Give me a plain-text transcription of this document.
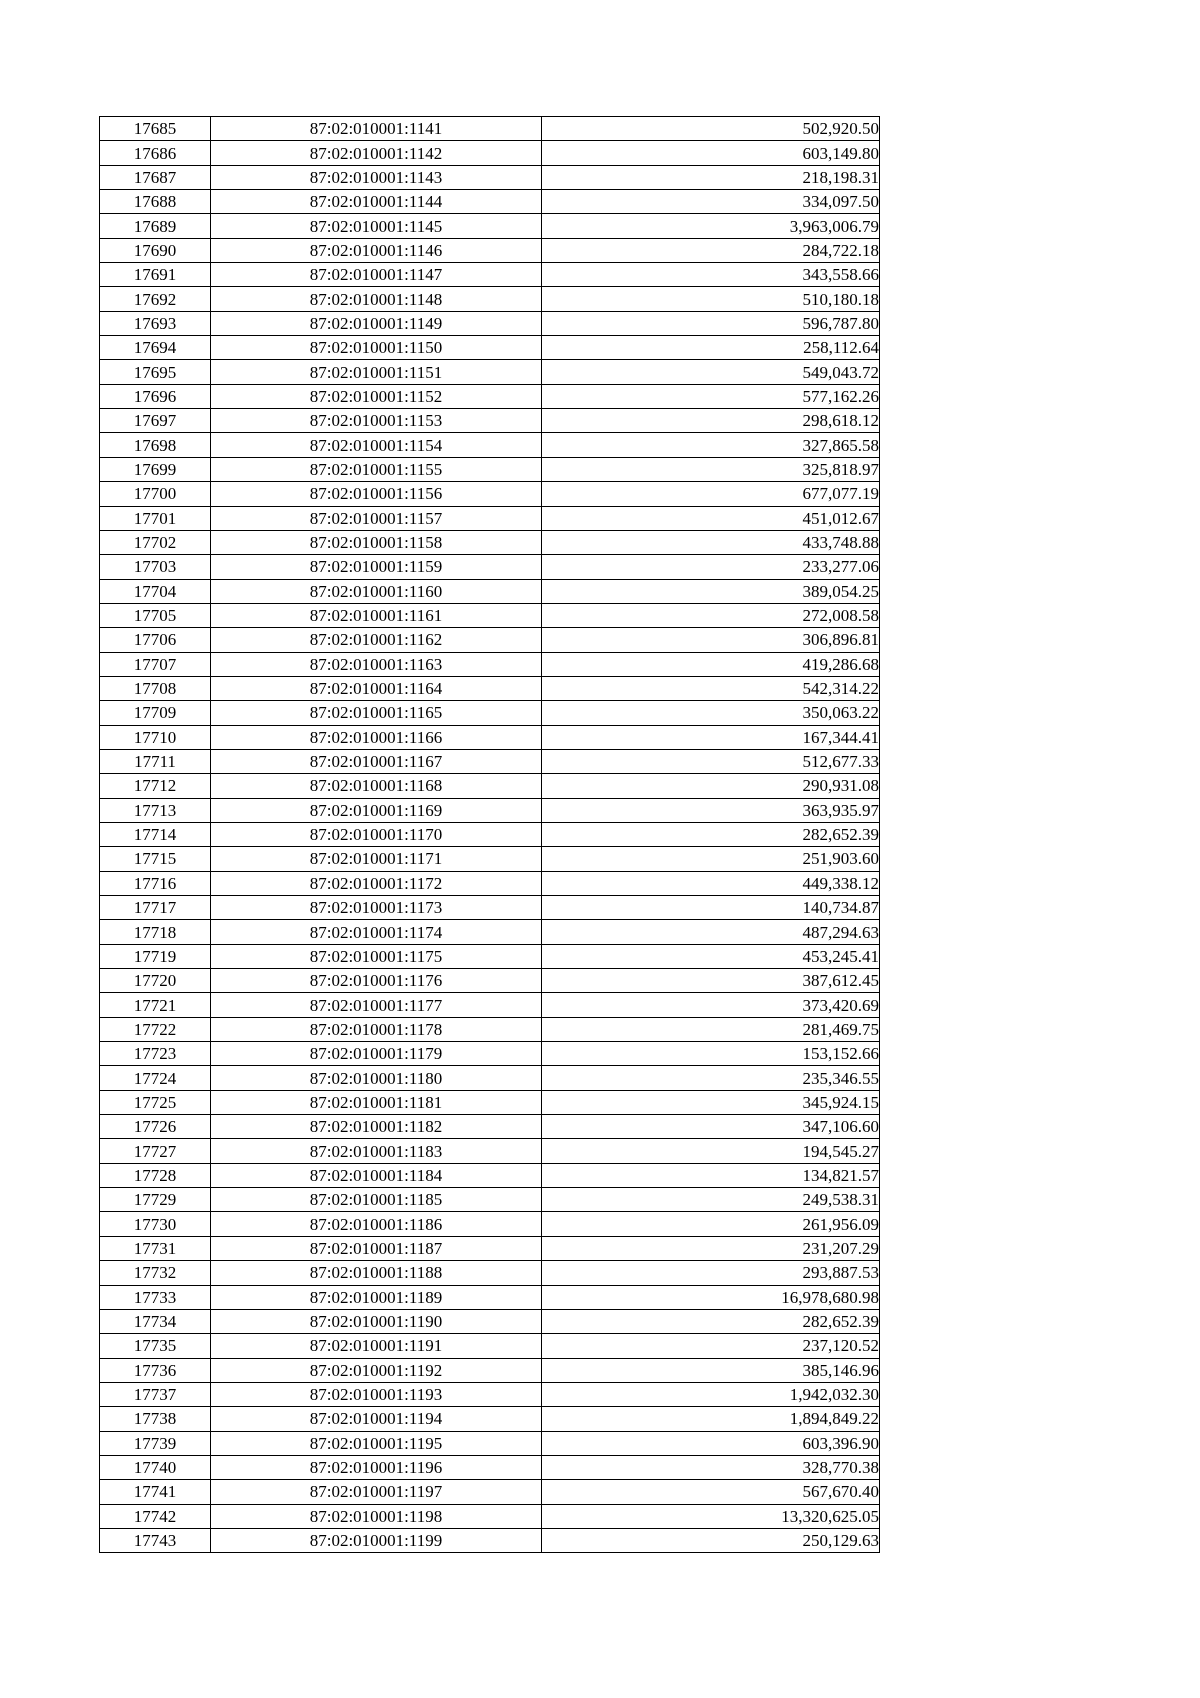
17685	87:02:010001:1141	502,920.50
17686	87:02:010001:1142	603,149.80
17687	87:02:010001:1143	218,198.31
17688	87:02:010001:1144	334,097.50
17689	87:02:010001:1145	3,963,006.79
17690	87:02:010001:1146	284,722.18
17691	87:02:010001:1147	343,558.66
17692	87:02:010001:1148	510,180.18
17693	87:02:010001:1149	596,787.80
17694	87:02:010001:1150	258,112.64
17695	87:02:010001:1151	549,043.72
17696	87:02:010001:1152	577,162.26
17697	87:02:010001:1153	298,618.12
17698	87:02:010001:1154	327,865.58
17699	87:02:010001:1155	325,818.97
17700	87:02:010001:1156	677,077.19
17701	87:02:010001:1157	451,012.67
17702	87:02:010001:1158	433,748.88
17703	87:02:010001:1159	233,277.06
17704	87:02:010001:1160	389,054.25
17705	87:02:010001:1161	272,008.58
17706	87:02:010001:1162	306,896.81
17707	87:02:010001:1163	419,286.68
17708	87:02:010001:1164	542,314.22
17709	87:02:010001:1165	350,063.22
17710	87:02:010001:1166	167,344.41
17711	87:02:010001:1167	512,677.33
17712	87:02:010001:1168	290,931.08
17713	87:02:010001:1169	363,935.97
17714	87:02:010001:1170	282,652.39
17715	87:02:010001:1171	251,903.60
17716	87:02:010001:1172	449,338.12
17717	87:02:010001:1173	140,734.87
17718	87:02:010001:1174	487,294.63
17719	87:02:010001:1175	453,245.41
17720	87:02:010001:1176	387,612.45
17721	87:02:010001:1177	373,420.69
17722	87:02:010001:1178	281,469.75
17723	87:02:010001:1179	153,152.66
17724	87:02:010001:1180	235,346.55
17725	87:02:010001:1181	345,924.15
17726	87:02:010001:1182	347,106.60
17727	87:02:010001:1183	194,545.27
17728	87:02:010001:1184	134,821.57
17729	87:02:010001:1185	249,538.31
17730	87:02:010001:1186	261,956.09
17731	87:02:010001:1187	231,207.29
17732	87:02:010001:1188	293,887.53
17733	87:02:010001:1189	16,978,680.98
17734	87:02:010001:1190	282,652.39
17735	87:02:010001:1191	237,120.52
17736	87:02:010001:1192	385,146.96
17737	87:02:010001:1193	1,942,032.30
17738	87:02:010001:1194	1,894,849.22
17739	87:02:010001:1195	603,396.90
17740	87:02:010001:1196	328,770.38
17741	87:02:010001:1197	567,670.40
17742	87:02:010001:1198	13,320,625.05
17743	87:02:010001:1199	250,129.63
